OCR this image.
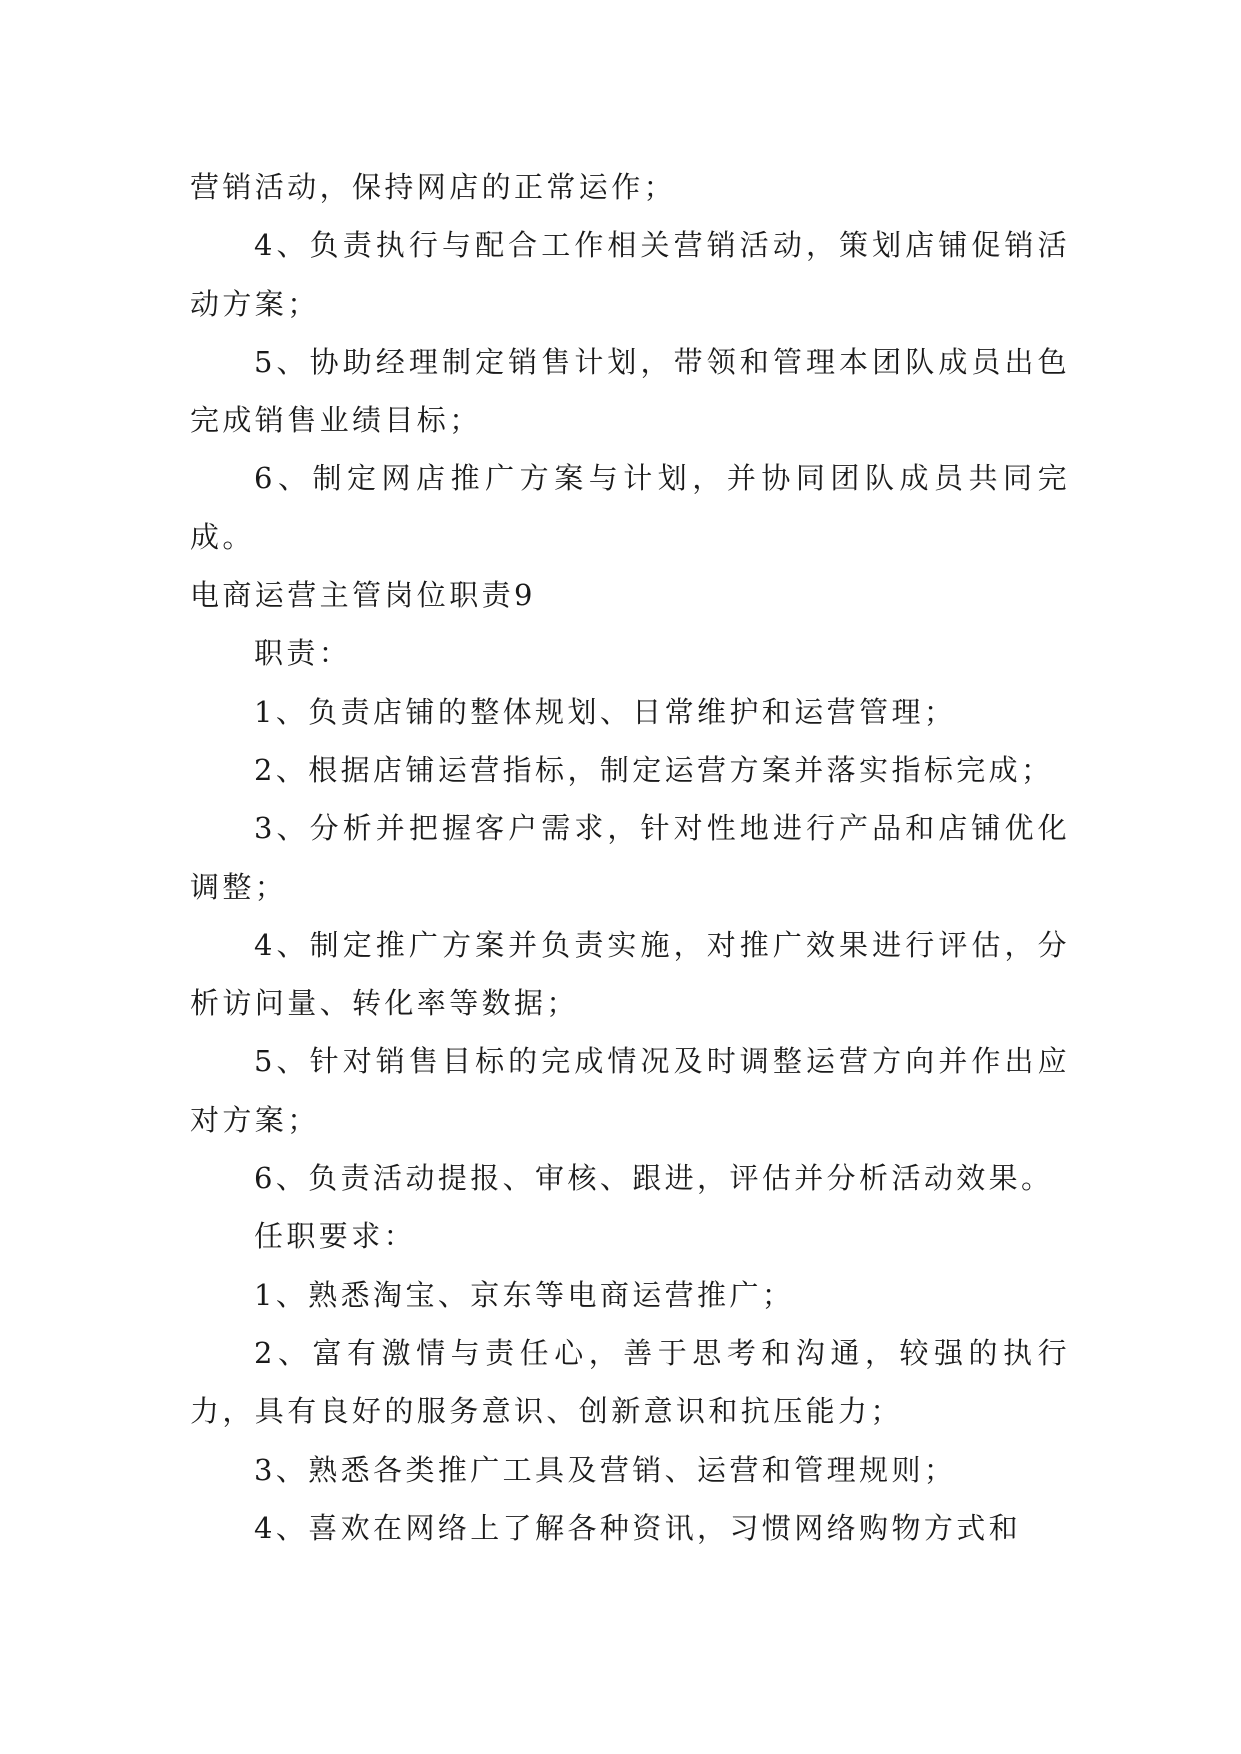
营销活动，保持网店的正常运作；

4、负责执行与配合工作相关营销活动，策划店铺促销活动方案；

5、协助经理制定销售计划，带领和管理本团队成员出色完成销售业绩目标；

6、制定网店推广方案与计划，并协同团队成员共同完成。

电商运营主管岗位职责9

职责：

1、负责店铺的整体规划、日常维护和运营管理；

2、根据店铺运营指标，制定运营方案并落实指标完成；

3、分析并把握客户需求，针对性地进行产品和店铺优化调整；

4、制定推广方案并负责实施，对推广效果进行评估，分析访问量、转化率等数据；

5、针对销售目标的完成情况及时调整运营方向并作出应对方案；

6、负责活动提报、审核、跟进，评估并分析活动效果。

任职要求：

1、熟悉淘宝、京东等电商运营推广；

2、富有激情与责任心，善于思考和沟通，较强的执行力，具有良好的服务意识、创新意识和抗压能力；

3、熟悉各类推广工具及营销、运营和管理规则；

4、喜欢在网络上了解各种资讯，习惯网络购物方式和
